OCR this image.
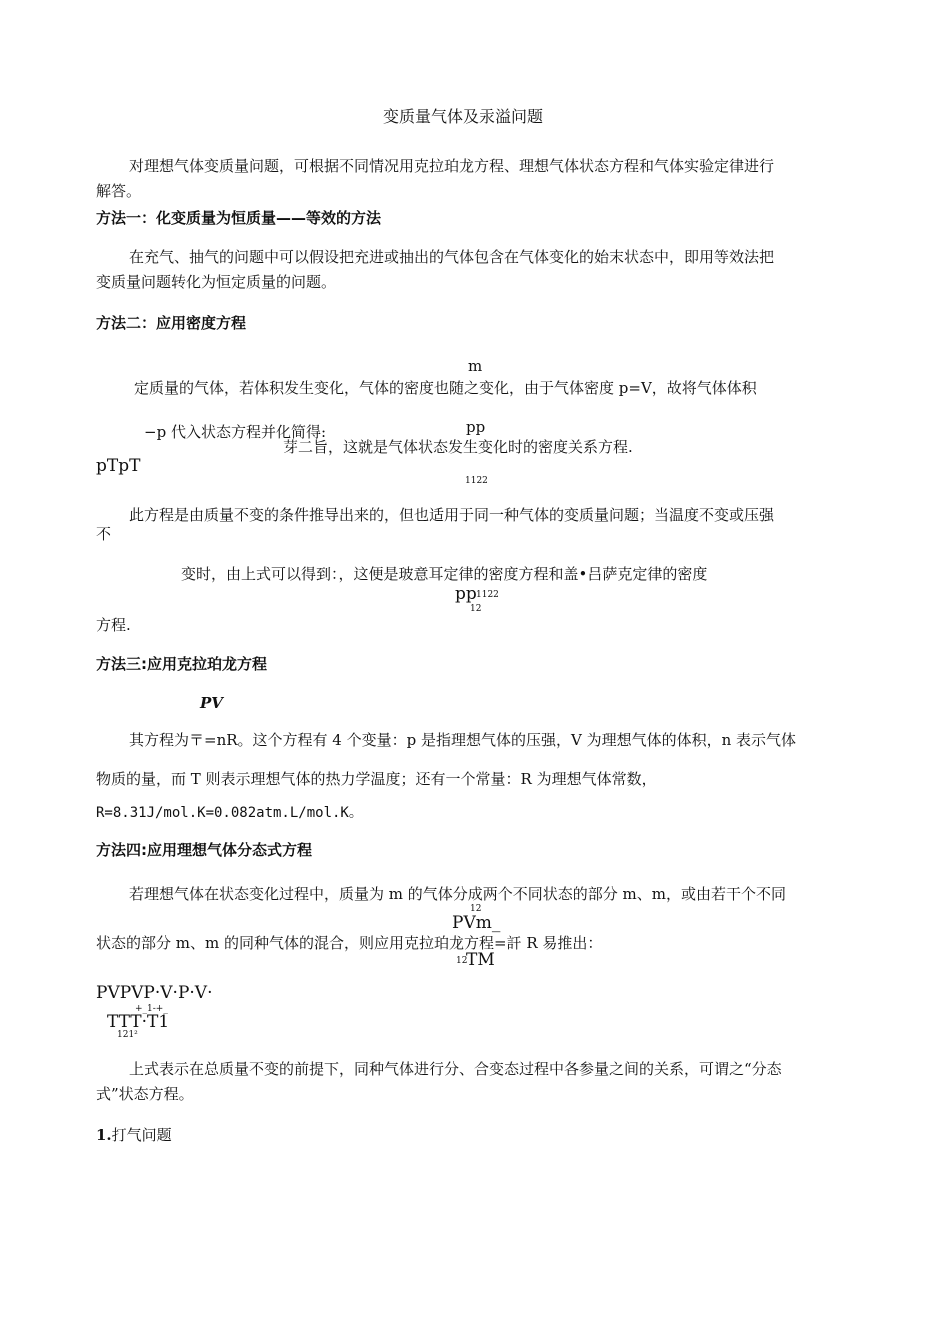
变质量气体及汞溢问题
对理想气体变质量问题，可根据不同情况用克拉珀龙方程、理想气体状态方程和气体实验定律进行
解答。
方法一：化变质量为恒质量——等效的方法
在充气、抽气的问题中可以假设把充进或抽出的气体包含在气体变化的始末状态中，即用等效法把
变质量问题转化为恒定质量的问题。
方法二：应用密度方程
m
定质量的气体，若体积发生变化，气体的密度也随之变化，由于气体密度 p=V，故将气体体积
−p 代入状态方程并化简得:	pp
芽二旨，这就是气体状态发生变化时的密度关系方程.
pTpT
1122
此方程是由质量不变的条件推导出来的，但也适用于同一种气体的变质量问题；当温度不变或压强
不
变时，由上式可以得到：，这便是玻意耳定律的密度方程和盖•吕萨克定律的密度
pp 1122
12
方程.
方法三:应用克拉珀龙方程
PV
其方程为〒=nR。这个方程有 4 个变量：p 是指理想气体的压强，V 为理想气体的体积，n 表示气体
物质的量，而 T 则表示理想气体的热力学温度；还有一个常量：R 为理想气体常数，
R=8.31J/mol.K=0.082atm.L/mol.K。
方法四:应用理想气体分态式方程
若理想气体在状态变化过程中，质量为 m 的气体分成两个不同状态的部分 m、m，或由若干个不同
12
PVm_
状态的部分 m、m 的同种气体的混合，则应用克拉珀龙方程=訐 R 易推出：
12
TM
PVPVP·V·P·V·
+_1-+_
TTT·T1
121²
上式表示在总质量不变的前提下，同种气体进行分、合变态过程中各参量之间的关系，可谓之“分态
式”状态方程。
1.打气问题
